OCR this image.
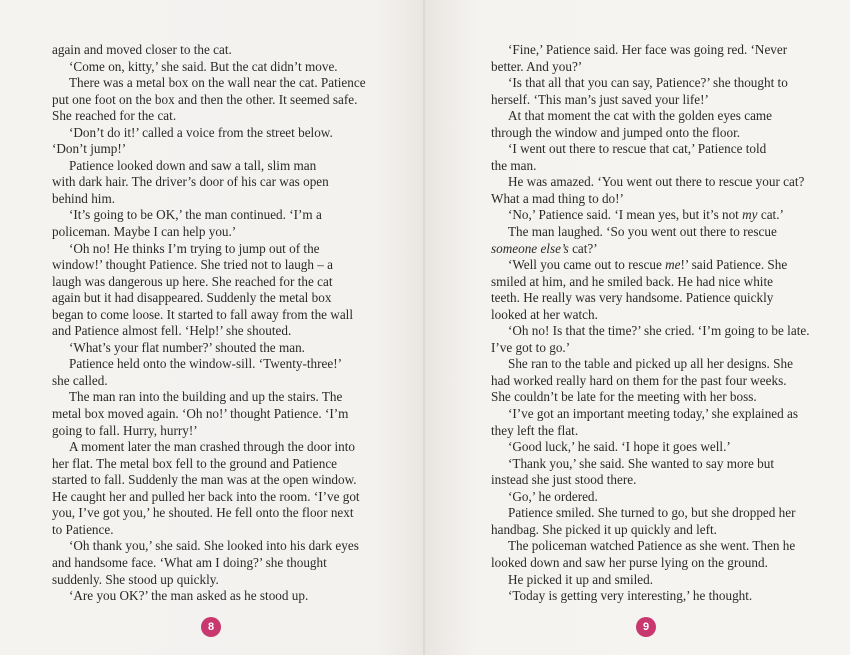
again and moved closer to the cat.
‘Come on, kitty,’ she said. But the cat didn’t move.
There was a metal box on the wall near the cat. Patience
put one foot on the box and then the other. It seemed safe.
She reached for the cat.
‘Don’t do it!’ called a voice from the street below.
‘Don’t jump!’
Patience looked down and saw a tall, slim man
with dark hair. The driver’s door of his car was open
behind him.
‘It’s going to be OK,’ the man continued. ‘I’m a
policeman. Maybe I can help you.’
‘Oh no! He thinks I’m trying to jump out of the
window!’ thought Patience. She tried not to laugh – a
laugh was dangerous up here. She reached for the cat
again but it had disappeared. Suddenly the metal box
began to come loose. It started to fall away from the wall
and Patience almost fell. ‘Help!’ she shouted.
‘What’s your flat number?’ shouted the man.
Patience held onto the window-sill. ‘Twenty-three!’
she called.
The man ran into the building and up the stairs. The
metal box moved again. ‘Oh no!’ thought Patience. ‘I’m
going to fall. Hurry, hurry!’
A moment later the man crashed through the door into
her flat. The metal box fell to the ground and Patience
started to fall. Suddenly the man was at the open window.
He caught her and pulled her back into the room. ‘I’ve got
you, I’ve got you,’ he shouted. He fell onto the floor next
to Patience.
‘Oh thank you,’ she said. She looked into his dark eyes
and handsome face. ‘What am I doing?’ she thought
suddenly. She stood up quickly.
‘Are you OK?’ the man asked as he stood up.
8
‘Fine,’ Patience said. Her face was going red. ‘Never
better. And you?’
‘Is that all that you can say, Patience?’ she thought to
herself. ‘This man’s just saved your life!’
At that moment the cat with the golden eyes came
through the window and jumped onto the floor.
‘I went out there to rescue that cat,’ Patience told
the man.
He was amazed. ‘You went out there to rescue your cat?
What a mad thing to do!’
‘No,’ Patience said. ‘I mean yes, but it’s not my cat.’
The man laughed. ‘So you went out there to rescue
someone else’s cat?’
‘Well you came out to rescue me!’ said Patience. She
smiled at him, and he smiled back. He had nice white
teeth. He really was very handsome. Patience quickly
looked at her watch.
‘Oh no! Is that the time?’ she cried. ‘I’m going to be late.
I’ve got to go.’
She ran to the table and picked up all her designs. She
had worked really hard on them for the past four weeks.
She couldn’t be late for the meeting with her boss.
‘I’ve got an important meeting today,’ she explained as
they left the flat.
‘Good luck,’ he said. ‘I hope it goes well.’
‘Thank you,’ she said. She wanted to say more but
instead she just stood there.
‘Go,’ he ordered.
Patience smiled. She turned to go, but she dropped her
handbag. She picked it up quickly and left.
The policeman watched Patience as she went. Then he
looked down and saw her purse lying on the ground.
He picked it up and smiled.
‘Today is getting very interesting,’ he thought.
9
